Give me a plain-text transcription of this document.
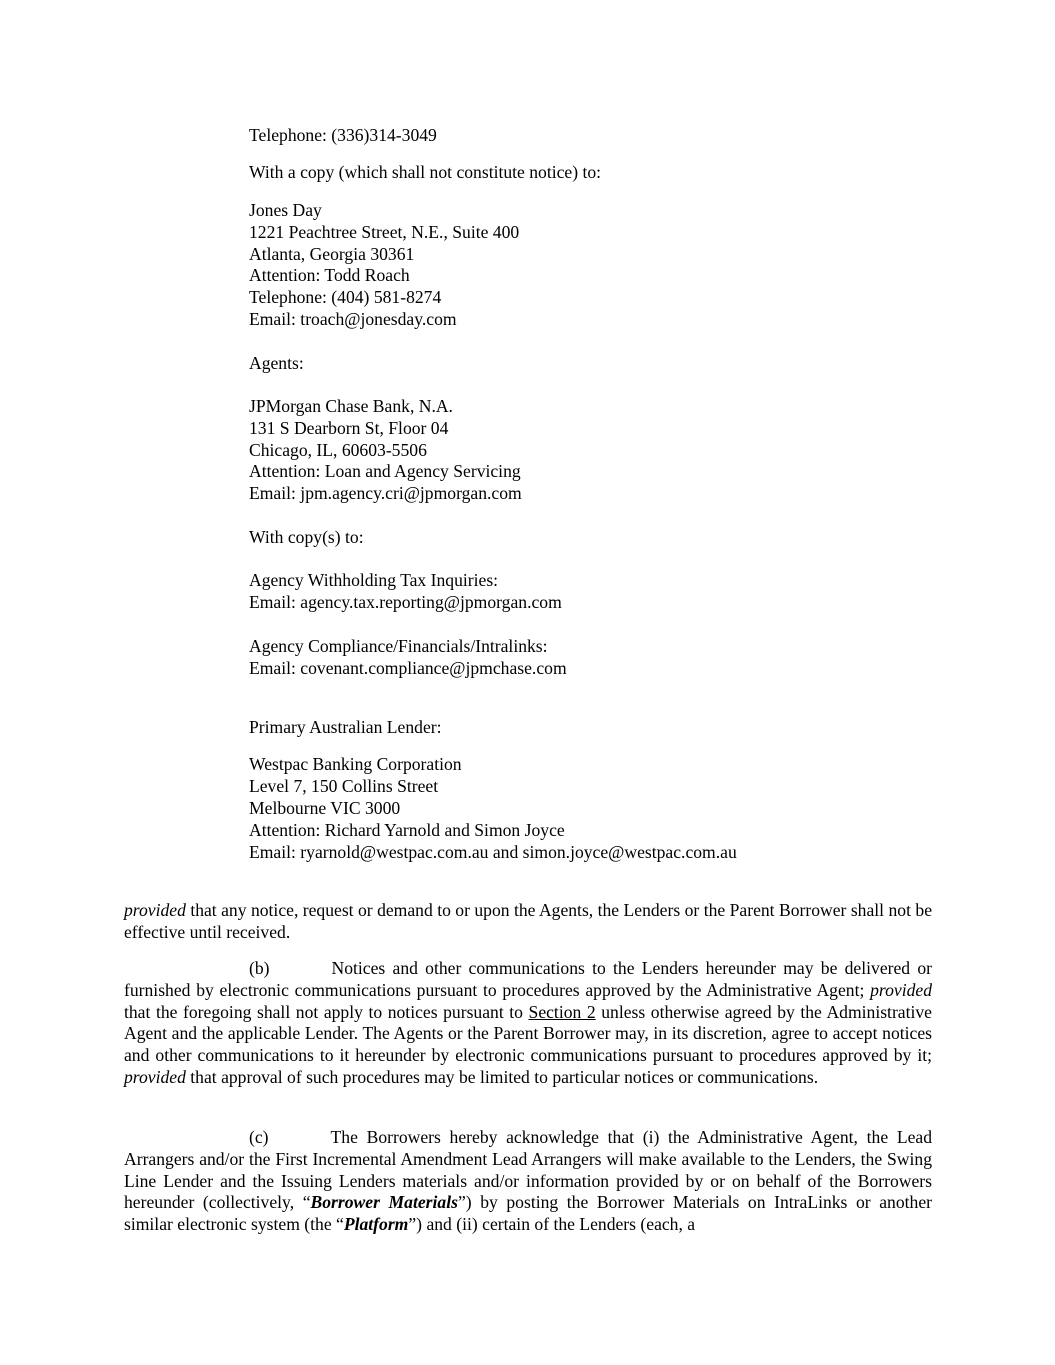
Telephone: (336)314-3049
With a copy (which shall not constitute notice) to:
Jones Day
1221 Peachtree Street, N.E., Suite 400
Atlanta, Georgia 30361
Attention: Todd Roach
Telephone: (404) 581-8274
Email: troach@jonesday.com
Agents:
JPMorgan Chase Bank, N.A.
131 S Dearborn St, Floor 04
Chicago, IL, 60603-5506
Attention: Loan and Agency Servicing
Email: jpm.agency.cri@jpmorgan.com
With copy(s) to:
Agency Withholding Tax Inquiries:
Email: agency.tax.reporting@jpmorgan.com
Agency Compliance/Financials/Intralinks:
Email: covenant.compliance@jpmchase.com
Primary Australian Lender:
Westpac Banking Corporation
Level 7, 150 Collins Street
Melbourne VIC 3000
Attention: Richard Yarnold and Simon Joyce
Email: ryarnold@westpac.com.au and simon.joyce@westpac.com.au
provided that any notice, request or demand to or upon the Agents, the Lenders or the Parent Borrower shall not be effective until received.
(b)	Notices and other communications to the Lenders hereunder may be delivered or furnished by electronic communications pursuant to procedures approved by the Administrative Agent; provided that the foregoing shall not apply to notices pursuant to Section 2 unless otherwise agreed by the Administrative Agent and the applicable Lender. The Agents or the Parent Borrower may, in its discretion, agree to accept notices and other communications to it hereunder by electronic communications pursuant to procedures approved by it; provided that approval of such procedures may be limited to particular notices or communications.
(c)	The Borrowers hereby acknowledge that (i) the Administrative Agent, the Lead Arrangers and/or the First Incremental Amendment Lead Arrangers will make available to the Lenders, the Swing Line Lender and the Issuing Lenders materials and/or information provided by or on behalf of the Borrowers hereunder (collectively, “Borrower Materials”) by posting the Borrower Materials on IntraLinks or another similar electronic system (the “Platform”) and (ii) certain of the Lenders (each, a
